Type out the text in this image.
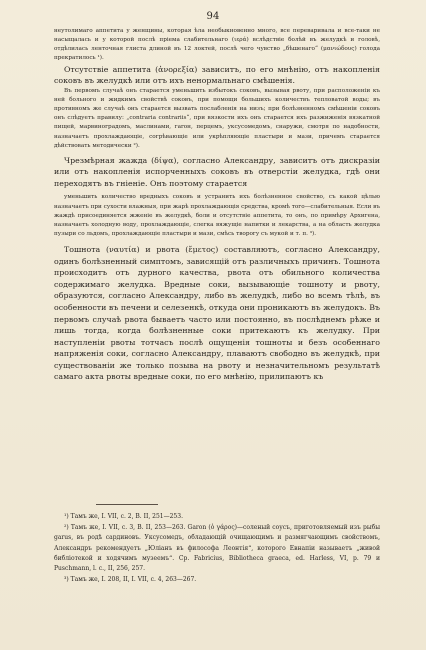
94

неутолимаго аппетита у женщины, которая ѣла необыкновенно много, все переваривала и все-таки не насыщалась и у которой послѣ пріема слабительнаго (ιερά) вслѣдствіе болѣй въ желудкѣ и головѣ, отдѣлилась ленточная глиста длиной въ 12 локтей, послѣ чего чувство „бѣшенаго“ (μανιώδους) голода прекратилось ¹).

Отсутствіе аппетита (ἀνορεξία) зависитъ, по его мнѣнію, отъ накопленія соковъ въ желудкѣ или отъ ихъ ненормальнаго смѣшенія.

Въ первомъ случаѣ онъ старается уменьшить избытокъ соковъ, вызывая рвоту, при расположеніи къ ней больного и жидкимъ свойствѣ соковъ, при помощи большихъ количествъ тепловатой воды; въ противномъ же случаѣ онъ старается вызвать послабленія на низъ; при болѣзненномъ смѣшеніи соковъ онъ слѣдуетъ правилу: „contraria contrariis“, при вязкости ихъ онъ старается ихъ разжиженія вязкатной пищей, марвиноградомъ, маслинами, гаrон, перцемъ, уксусомедомъ, снаружи, смотря по надобности, назначаетъ прохлаждающіе, согрѣвающіе или укрѣпляющіе пластыри и мази, причемъ старается дѣйствовать методически ²).

Чрезмѣрная жажда (δίψα), согласно Александру, зависитъ отъ дискразіи или отъ накопленія испорченныхъ соковъ въ отверстіи желудка, гдѣ они переходятъ въ гніеніе. Онъ поэтому старается

уменьшить количество вредныхъ соковъ и устранить ихъ болѣзненное свойство, съ какой цѣлью назначаетъ при сухости влажныя, при жарѣ прохлаждающія средства, кромѣ того—слабительныя. Если въ жаждѣ присоединяется жженіе въ желудкѣ, боли и отсутствіе аппетита, то онъ, по примѣру Архигена, назначаетъ холодную воду, прохлаждающіе, слегка вяжущіе напитки и лекарства, а на область желудка пузыри со льдомъ, прохлаждающіе пластыри и мази, смѣсь творогу съ мукой и т. п. ³).

Тошнота (ναυτία) и рвота (ἔμετος) составляютъ, согласно Александру, одинъ болѣзненный симптомъ, зависящій отъ различныхъ причинъ. Тошнота происходитъ отъ дурного качества, рвота отъ обильного количества содержимаго желудка. Вредные соки, вызывающіе тошноту и рвоту, образуются, согласно Александру, либо въ желудкѣ, либо во всемъ тѣлѣ, въ особенности въ печени и селезенкѣ, откуда они проникаютъ въ желудокъ. Въ первомъ случаѣ рвота бываетъ часто или постоянно, въ послѣднемъ рѣже и лишь тогда, когда болѣзненные соки притекаютъ къ желудку. При наступленіи рвоты тотчасъ послѣ ощущенія тошноты и безъ особеннаго напряженія соки, согласно Александру, плаваютъ свободно въ желудкѣ, при существованіи же только позыва на рвоту и незначительномъ результатѣ самаго акта рвоты вредные соки, по его мнѣнію, прилипаютъ къ

¹) Тамъ же, I. VII, с. 2, В. II, 251—253.

²) Тамъ же, I. VII, с. 3, В. II, 253—263. Garon (ὁ γάρος)—соленый соусъ, приготовляемый изъ рыбы garus, въ родѣ сардиновъ. Уксусомедъ, обладающій очищающимъ и размягчающимъ свойствомъ, Александръ рекомендуетъ „Юліанъ въ философа Леонтія“, которого Евнапіи называетъ „живой библіотекой и ходячимъ музеемъ“. Ср. Fabricius, Bibliotheca graeca, ed. Harless, VI, p. 79 и Puschmann, l. c., II, 256, 257.

³) Тамъ же, I. 208, II, I. VII, с. 4, 263—267.
